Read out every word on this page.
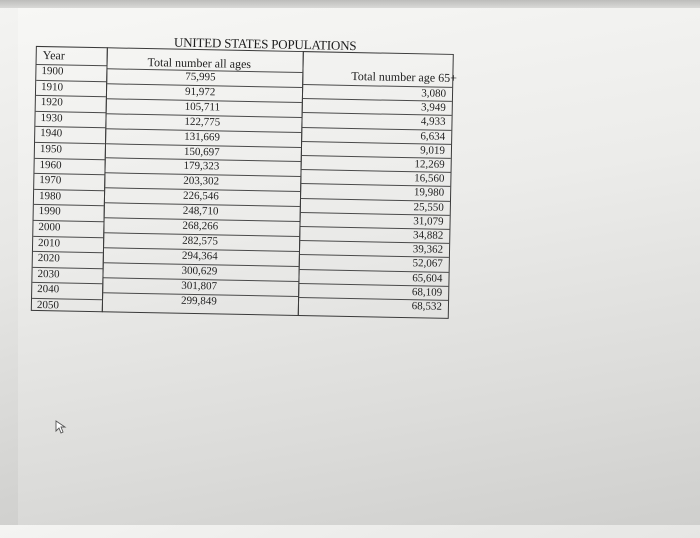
UNITED STATES POPULATIONS
Year
1900
1910
1920
1930
1940
1950
1960
1970
1980
1990
2000
2010
2020
2030
2040
2050
Total number all ages
75,995
91,972
105,711
122,775
131,669
150,697
179,323
203,302
226,546
248,710
268,266
282,575
294,364
300,629
301,807
299,849
Total number age 65+
3,080
3,949
4,933
6,634
9,019
12,269
16,560
19,980
25,550
31,079
34,882
39,362
52,067
65,604
68,109
68,532
